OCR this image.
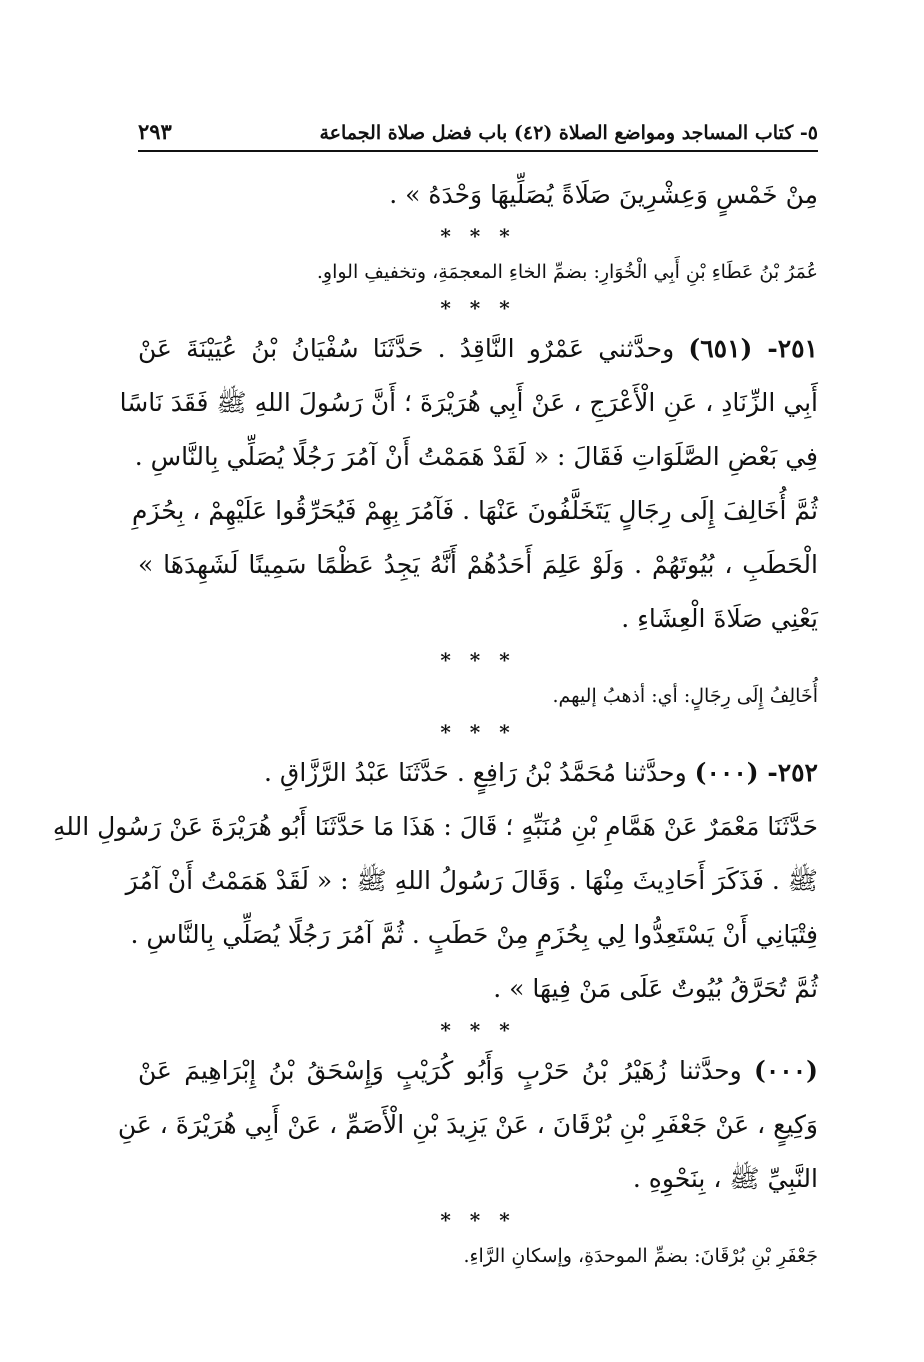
٥- كتاب المساجد ومواضع الصلاة (٤٢) باب فضل صلاة الجماعة
٢٩٣
مِنْ خَمْسٍ وَعِشْرِينَ صَلَاةً يُصَلِّيهَا وَحْدَهُ » .
* * *
عُمَرُ بْنُ عَطَاءِ بْنِ أَبِي الْخُوَارِ: بضمِّ الخاءِ المعجمَةِ، وتخفيفِ الواوِ.
* * *
٢٥١- (٦٥١) وحدَّثني عَمْرٌو النَّاقِدُ . حَدَّثَنَا سُفْيَانُ بْنُ عُيَيْنَةَ عَنْ
أَبِي الزِّنَادِ ، عَنِ الْأَعْرَجِ ، عَنْ أَبِي هُرَيْرَةَ ؛ أَنَّ رَسُولَ اللهِ ﷺ فَقَدَ نَاسًا
فِي بَعْضِ الصَّلَوَاتِ فَقَالَ : « لَقَدْ هَمَمْتُ أَنْ آمُرَ رَجُلًا يُصَلِّي بِالنَّاسِ .
ثُمَّ أُخَالِفَ إِلَى رِجَالٍ يَتَخَلَّفُونَ عَنْهَا . فَآمُرَ بِهِمْ فَيُحَرِّقُوا عَلَيْهِمْ ، بِحُزَمِ
الْحَطَبِ ، بُيُوتَهُمْ . وَلَوْ عَلِمَ أَحَدُهُمْ أَنَّهُ يَجِدُ عَظْمًا سَمِينًا لَشَهِدَهَا »
يَعْنِي صَلَاةَ الْعِشَاءِ .
* * *
أُخَالِفُ إِلَى رِجَالٍ: أي: أذهبُ إليهم.
* * *
٢٥٢- (٠٠٠) وحدَّثنا مُحَمَّدُ بْنُ رَافِعٍ . حَدَّثَنَا عَبْدُ الرَّزَّاقِ .
حَدَّثَنَا مَعْمَرٌ عَنْ هَمَّامِ بْنِ مُنَبِّهٍ ؛ قَالَ : هَذَا مَا حَدَّثَنَا أَبُو هُرَيْرَةَ عَنْ رَسُولِ اللهِ
ﷺ . فَذَكَرَ أَحَادِيثَ مِنْهَا . وَقَالَ رَسُولُ اللهِ ﷺ : « لَقَدْ هَمَمْتُ أَنْ آمُرَ
فِتْيَانِي أَنْ يَسْتَعِدُّوا لِي بِحُزَمٍ مِنْ حَطَبٍ . ثُمَّ آمُرَ رَجُلًا يُصَلِّي بِالنَّاسِ .
ثُمَّ تُحَرَّقُ بُيُوتٌ عَلَى مَنْ فِيهَا » .
* * *
(٠٠٠) وحدَّثنا زُهَيْرُ بْنُ حَرْبٍ وَأَبُو كُرَيْبٍ وَإِسْحَقُ بْنُ إِبْرَاهِيمَ عَنْ
وَكِيعٍ ، عَنْ جَعْفَرِ بْنِ بُرْقَانَ ، عَنْ يَزِيدَ بْنِ الْأَصَمِّ ، عَنْ أَبِي هُرَيْرَةَ ، عَنِ
النَّبِيِّ ﷺ ، بِنَحْوِهِ .
* * *
جَعْفَرِ بْنِ بُرْقَانَ: بضمِّ الموحدَةِ، وإسكانِ الرَّاءِ.
